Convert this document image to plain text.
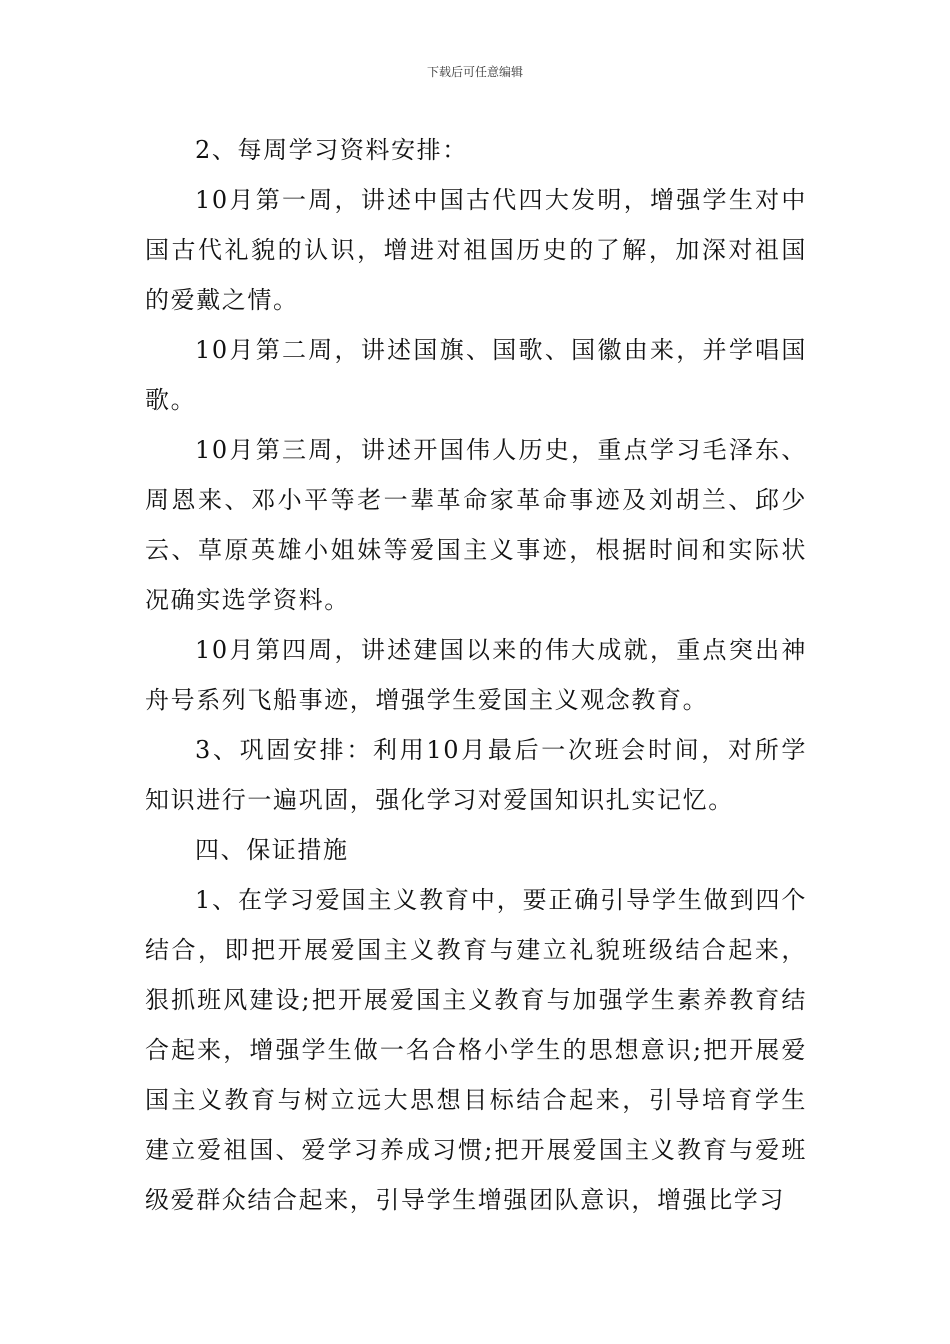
下载后可任意编辑

2、每周学习资料安排：

10月第一周，讲述中国古代四大发明，增强学生对中国古代礼貌的认识，增进对祖国历史的了解，加深对祖国的爱戴之情。

10月第二周，讲述国旗、国歌、国徽由来，并学唱国歌。

10月第三周，讲述开国伟人历史，重点学习毛泽东、周恩来、邓小平等老一辈革命家革命事迹及刘胡兰、邱少云、草原英雄小姐妹等爱国主义事迹，根据时间和实际状况确实选学资料。

10月第四周，讲述建国以来的伟大成就，重点突出神舟号系列飞船事迹，增强学生爱国主义观念教育。

3、巩固安排：利用10月最后一次班会时间，对所学知识进行一遍巩固，强化学习对爱国知识扎实记忆。

四、保证措施

1、在学习爱国主义教育中，要正确引导学生做到四个结合，即把开展爱国主义教育与建立礼貌班级结合起来，狠抓班风建设;把开展爱国主义教育与加强学生素养教育结合起来，增强学生做一名合格小学生的思想意识;把开展爱国主义教育与树立远大思想目标结合起来，引导培育学生建立爱祖国、爱学习养成习惯;把开展爱国主义教育与爱班级爱群众结合起来，引导学生增强团队意识，增强比学习
